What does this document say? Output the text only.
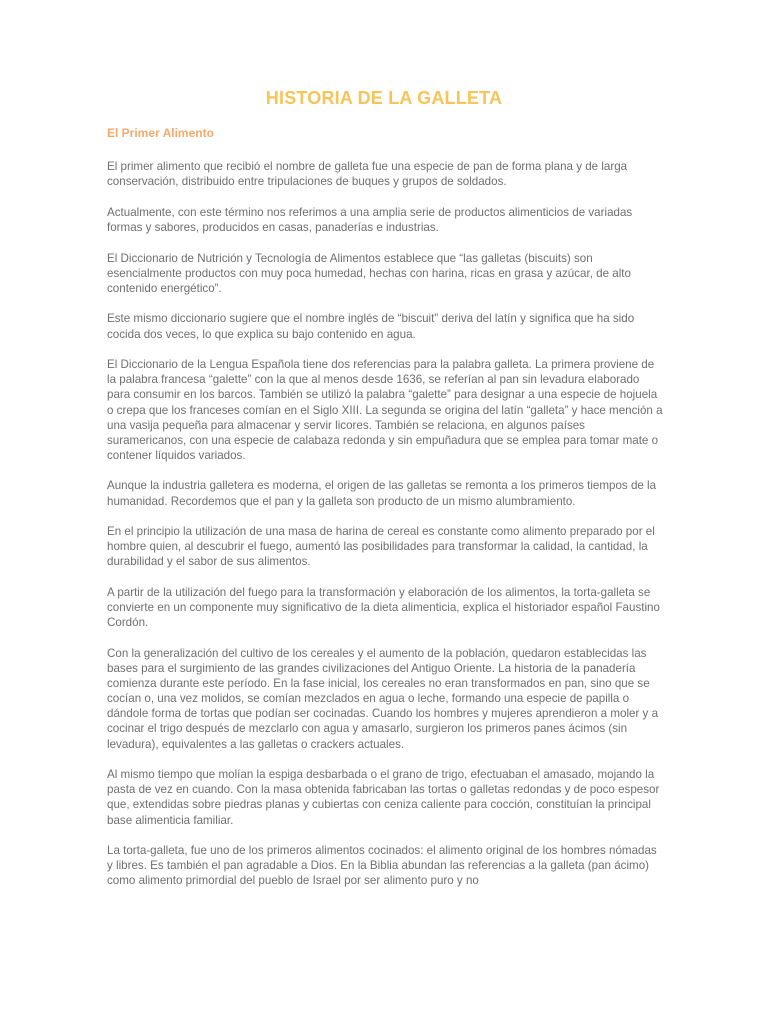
HISTORIA DE LA GALLETA
El Primer Alimento

El primer alimento que recibió el nombre de galleta fue una especie de pan de forma plana y de larga conservación, distribuido entre tripulaciones de buques y grupos de soldados.

Actualmente, con este término nos referimos a una amplia serie de productos alimenticios de variadas formas y sabores, producidos en casas, panaderías e industrias.

El Diccionario de Nutrición y Tecnología de Alimentos establece que “las galletas (biscuits) son esencialmente productos con muy poca humedad, hechas con harina, ricas en grasa y azúcar, de alto contenido energético”.

Este mismo diccionario sugiere que el nombre inglés de “biscuit” deriva del latín y significa que ha sido cocida dos veces, lo que explica su bajo contenido en agua.

El Diccionario de la Lengua Española tiene dos referencias para la palabra galleta. La primera proviene de la palabra francesa “galette” con la que al menos desde 1636, se referían al pan sin levadura elaborado para consumir en los barcos. También se utilizó la palabra “galette” para designar a una especie de hojuela o crepa que los franceses comían en el Siglo XIII. La segunda se origina del latín “galleta” y hace mención a una vasija pequeña para almacenar y servir licores. También se relaciona, en algunos países suramericanos, con una especie de calabaza redonda y sin empuñadura que se emplea para tomar mate o contener líquidos variados.

Aunque la industria galletera es moderna, el origen de las galletas se remonta a los primeros tiempos de la humanidad. Recordemos que el pan y la galleta son producto de un mismo alumbramiento.

En el principio la utilización de una masa de harina de cereal es constante como alimento preparado por el hombre quien, al descubrir el fuego, aumentó las posibilidades para transformar la calidad, la cantidad, la durabilidad y el sabor de sus alimentos.

A partir de la utilización del fuego para la transformación y elaboración de los alimentos, la torta-galleta se convierte en un componente muy significativo de la dieta alimenticia, explica el historiador español Faustino Cordón.

Con la generalización del cultivo de los cereales y el aumento de la población, quedaron establecidas las bases para el surgimiento de las grandes civilizaciones del Antiguo Oriente. La historia de la panadería comienza durante este período. En la fase inicial, los cereales no eran transformados en pan, sino que se cocían o, una vez molidos, se comían mezclados en agua o leche, formando una especie de papilla o dándole forma de tortas que podían ser cocinadas. Cuando los hombres y mujeres aprendieron a moler y a cocinar el trigo después de mezclarlo con agua y amasarlo, surgieron los primeros panes ácimos (sin levadura), equivalentes a las galletas o crackers actuales.

Al mismo tiempo que molían la espiga desbarbada o el grano de trigo, efectuaban el amasado, mojando la pasta de vez en cuando. Con la masa obtenida fabricaban las tortas o galletas redondas y de poco espesor que, extendidas sobre piedras planas y cubiertas con ceniza caliente para cocción, constituían la principal base alimenticia familiar.

La torta-galleta, fue uno de los primeros alimentos cocinados: el alimento original de los hombres nómadas y libres. Es también el pan agradable a Dios. En la Biblia abundan las referencias a la galleta (pan ácimo) como alimento primordial del pueblo de Israel por ser alimento puro y no
